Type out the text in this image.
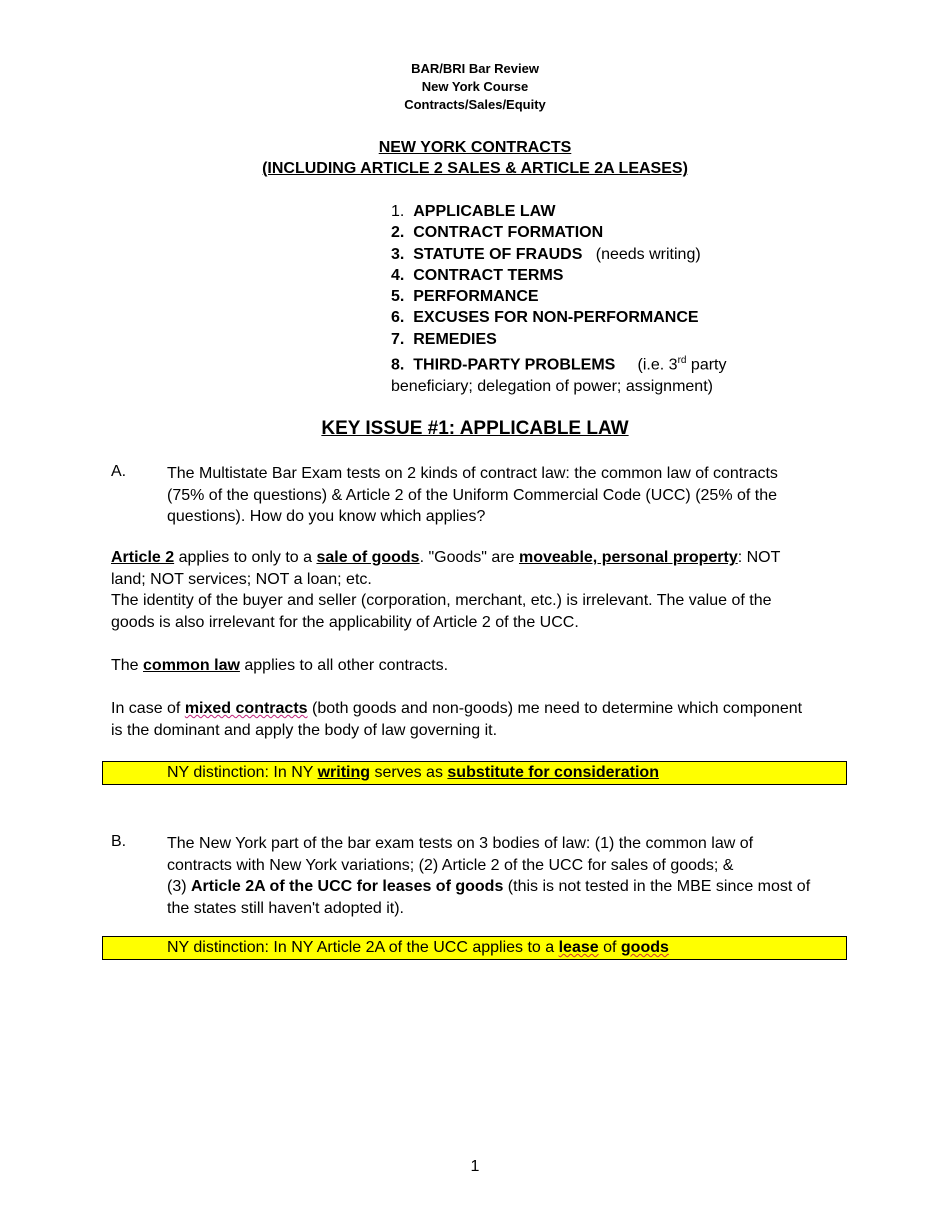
BAR/BRI Bar Review
New York Course
Contracts/Sales/Equity
NEW YORK CONTRACTS
(INCLUDING ARTICLE 2 SALES & ARTICLE 2A LEASES)
1. APPLICABLE LAW
2. CONTRACT FORMATION
3. STATUTE OF FRAUDS (needs writing)
4. CONTRACT TERMS
5. PERFORMANCE
6. EXCUSES FOR NON-PERFORMANCE
7. REMEDIES
8. THIRD-PARTY PROBLEMS (i.e. 3rd party
beneficiary; delegation of power; assignment)
KEY ISSUE #1: APPLICABLE LAW
A.	The Multistate Bar Exam tests on 2 kinds of contract law: the common law of contracts
(75% of the questions) & Article 2 of the Uniform Commercial Code (UCC) (25% of the
questions). How do you know which applies?
Article 2 applies to only to a sale of goods. "Goods" are moveable, personal property: NOT
land; NOT services; NOT a loan; etc.
The identity of the buyer and seller (corporation, merchant, etc.) is irrelevant. The value of the
goods is also irrelevant for the applicability of Article 2 of the UCC.
The common law applies to all other contracts.
In case of mixed contracts (both goods and non-goods) me need to determine which component
is the dominant and apply the body of law governing it.
NY distinction: In NY writing serves as substitute for consideration
B.	The New York part of the bar exam tests on 3 bodies of law: (1) the common law of
contracts with New York variations; (2) Article 2 of the UCC for sales of goods; &
(3) Article 2A of the UCC for leases of goods (this is not tested in the MBE since most of
the states still haven't adopted it).
NY distinction: In NY Article 2A of the UCC applies to a lease of goods
1
